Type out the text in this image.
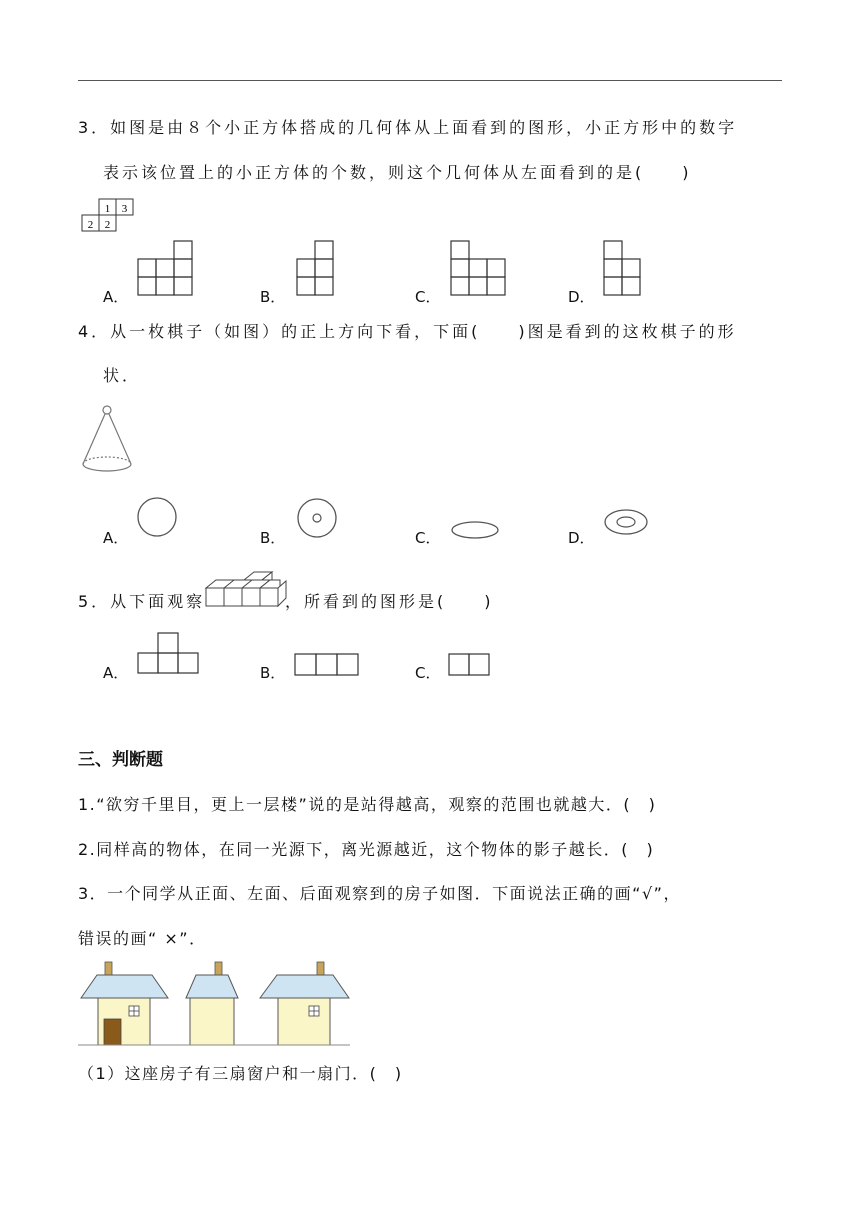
3．如图是由８个小正方体搭成的几何体从上面看到的图形，小正方形中的数字
表示该位置上的小正方体的个数，则这个几何体从左面看到的是(　　)
1 3
2 2
A．	B．	C．	D．
4．从一枚棋子（如图）的正上方向下看，下面(　　)图是看到的这枚棋子的形
状．
A．	B．	C．	D．
5．从下面观察	，所看到的图形是(　　)
A．	B．	C．
三、判断题
1.“欲穷千里目，更上一层楼”说的是站得越高，观察的范围也就越大．(　)
2.同样高的物体，在同一光源下，离光源越近，这个物体的影子越长．(　)
3．一个同学从正面、左面、后面观察到的房子如图．下面说法正确的画“√”，
错误的画“ ×”．
（1）这座房子有三扇窗户和一扇门．(　)
